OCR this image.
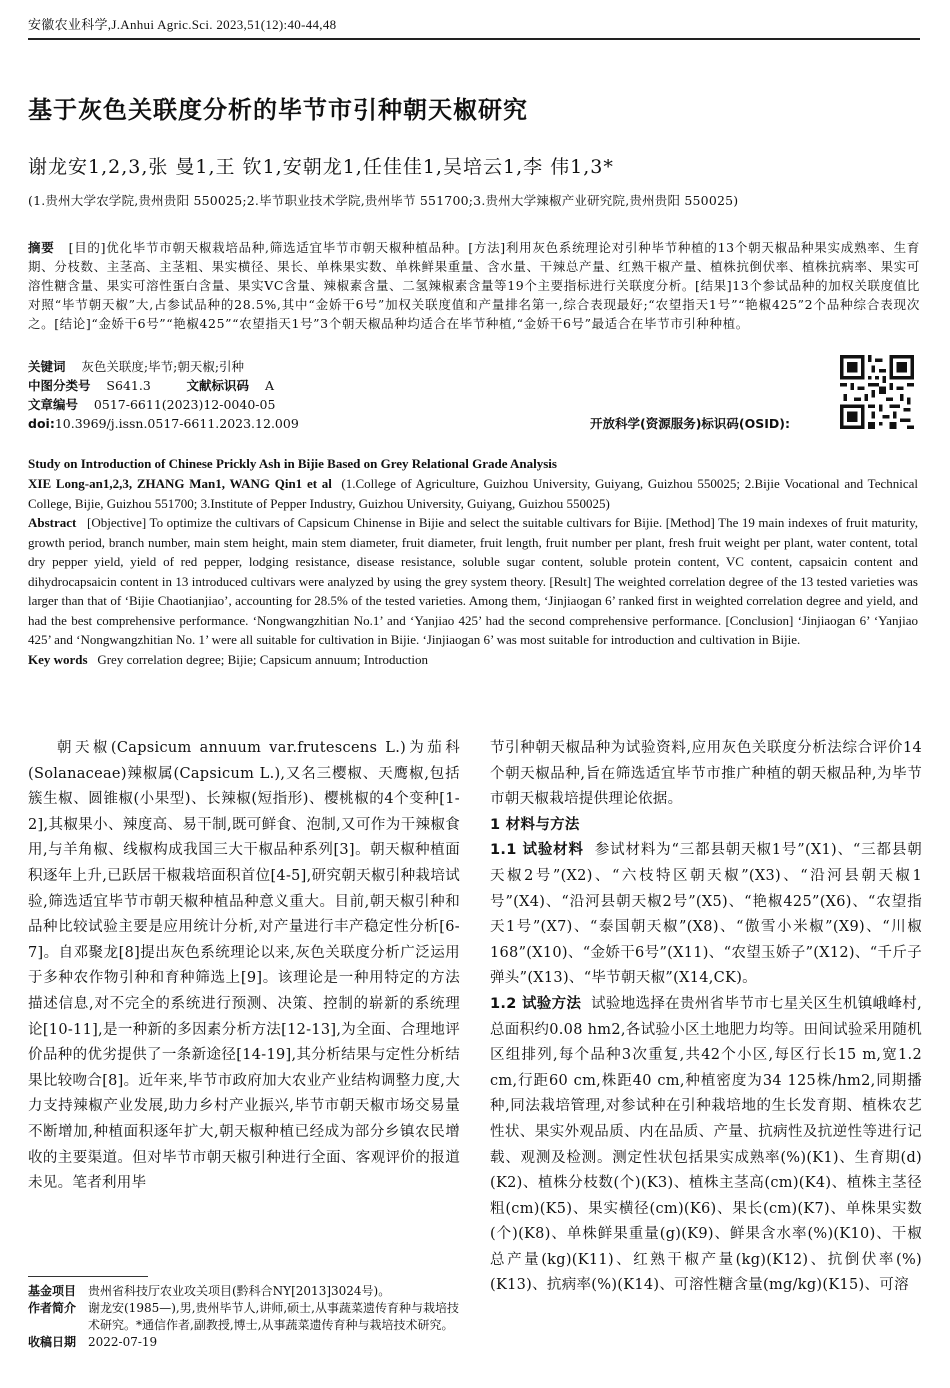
安徽农业科学,J.Anhui Agric.Sci. 2023,51(12):40-44,48
基于灰色关联度分析的毕节市引种朝天椒研究
谢龙安1,2,3,张 曼1,王 钦1,安朝龙1,任佳佳1,吴培云1,李 伟1,3*
(1.贵州大学农学院,贵州贵阳 550025;2.毕节职业技术学院,贵州毕节 551700;3.贵州大学辣椒产业研究院,贵州贵阳 550025)
摘要 [目的]优化毕节市朝天椒栽培品种,筛选适宜毕节市朝天椒种植品种。[方法]利用灰色系统理论对引种毕节种植的13个朝天椒品种果实成熟率、生育期、分枝数、主茎高、主茎粗、果实横径、果长、单株果实数、单株鲜果重量、含水量、干辣总产量、红熟干椒产量、植株抗倒伏率、植株抗病率、果实可溶性糖含量、果实可溶性蛋白含量、果实VC含量、辣椒素含量、二氢辣椒素含量等19个主要指标进行关联度分析。[结果]13个参试品种的加权关联度值比对照“毕节朝天椒”大,占参试品种的28.5%,其中“金娇干6号”加权关联度值和产量排名第一,综合表现最好;“农望指天1号”“艳椒425”2个品种综合表现次之。[结论]“金娇干6号”“艳椒425”“农望指天1号”3个朝天椒品种均适合在毕节种植,“金娇干6号”最适合在毕节市引种种植。
关键词 灰色关联度;毕节;朝天椒;引种
中图分类号 S641.3	文献标识码 A
文章编号 0517-6611(2023)12-0040-05
doi:10.3969/j.issn.0517-6611.2023.12.009	开放科学(资源服务)标识码(OSID):
Study on Introduction of Chinese Prickly Ash in Bijie Based on Grey Relational Grade Analysis
XIE Long-an1,2,3, ZHANG Man1, WANG Qin1 et al (1.College of Agriculture, Guizhou University, Guiyang, Guizhou 550025; 2.Bijie Vocational and Technical College, Bijie, Guizhou 551700; 3.Institute of Pepper Industry, Guizhou University, Guiyang, Guizhou 550025)
Abstract [Objective] To optimize the cultivars of Capsicum Chinense in Bijie and select the suitable cultivars for Bijie. [Method] The 19 main indexes of fruit maturity, growth period, branch number, main stem height, main stem diameter, fruit diameter, fruit length, fruit number per plant, fresh fruit weight per plant, water content, total dry pepper yield, yield of red pepper, lodging resistance, disease resistance, soluble sugar content, soluble protein content, VC content, capsaicin content and dihydrocapsaicin content in 13 introduced cultivars were analyzed by using the grey system theory. [Result] The weighted correlation degree of the 13 tested varieties was larger than that of ‘Bijie Chaotianjiao’, accounting for 28.5% of the tested varieties. Among them, ‘Jinjiaogan 6’ ranked first in weighted correlation degree and yield, and had the best comprehensive performance. ‘Nongwangzhitian No.1’ and ‘Yanjiao 425’ had the second comprehensive performance. [Conclusion] ‘Jinjiaogan 6’ ‘Yanjiao 425’ and ‘Nongwangzhitian No. 1’ were all suitable for cultivation in Bijie. ‘Jinjiaogan 6’ was most suitable for introduction and cultivation in Bijie.
Key words Grey correlation degree; Bijie; Capsicum annuum; Introduction

朝天椒(Capsicum annuum var.frutescens L.)为茄科(Solanaceae)辣椒属(Capsicum L.),又名三樱椒、天鹰椒,包括簇生椒、圆锥椒(小果型)、长辣椒(短指形)、樱桃椒的4个变种[1-2],其椒果小、辣度高、易干制,既可鲜食、泡制,又可作为干辣椒食用,与羊角椒、线椒构成我国三大干椒品种系列[3]。朝天椒种植面积逐年上升,已跃居干椒栽培面积首位[4-5],研究朝天椒引种栽培试验,筛选适宜毕节市朝天椒种植品种意义重大。目前,朝天椒引种和品种比较试验主要是应用统计分析,对产量进行丰产稳定性分析[6-7]。自邓聚龙[8]提出灰色系统理论以来,灰色关联度分析广泛运用于多种农作物引种和育种筛选上[9]。该理论是一种用特定的方法描述信息,对不完全的系统进行预测、决策、控制的崭新的系统理论[10-11],是一种新的多因素分析方法[12-13],为全面、合理地评价品种的优劣提供了一条新途径[14-19],其分析结果与定性分析结果比较吻合[8]。近年来,毕节市政府加大农业产业结构调整力度,大力支持辣椒产业发展,助力乡村产业振兴,毕节市朝天椒市场交易量不断增加,种植面积逐年扩大,朝天椒种植已经成为部分乡镇农民增收的主要渠道。但对毕节市朝天椒引种进行全面、客观评价的报道未见。笔者利用毕

节引种朝天椒品种为试验资料,应用灰色关联度分析法综合评价14个朝天椒品种,旨在筛选适宜毕节市推广种植的朝天椒品种,为毕节市朝天椒栽培提供理论依据。

1 材料与方法

1.1 试验材料 参试材料为“三都县朝天椒1号”(X1)、“三都县朝天椒2号”(X2)、“六枝特区朝天椒”(X3)、“沿河县朝天椒1号”(X4)、“沿河县朝天椒2号”(X5)、“艳椒425”(X6)、“农望指天1号”(X7)、“泰国朝天椒”(X8)、“傲雪小米椒”(X9)、“川椒168”(X10)、“金娇干6号”(X11)、“农望玉娇子”(X12)、“千斤子弹头”(X13)、“毕节朝天椒”(X14,CK)。

1.2 试验方法 试验地选择在贵州省毕节市七星关区生机镇峨峰村,总面积约0.08 hm2,各试验小区土地肥力均等。田间试验采用随机区组排列,每个品种3次重复,共42个小区,每区行长15 m,宽1.2 cm,行距60 cm,株距40 cm,种植密度为34 125株/hm2,同期播种,同法栽培管理,对参试种在引种栽培地的生长发育期、植株农艺性状、果实外观品质、内在品质、产量、抗病性及抗逆性等进行记载、观测及检测。测定性状包括果实成熟率(%)(K1)、生育期(d)(K2)、植株分枝数(个)(K3)、植株主茎高(cm)(K4)、植株主茎径粗(cm)(K5)、果实横径(cm)(K6)、果长(cm)(K7)、单株果实数(个)(K8)、单株鲜果重量(g)(K9)、鲜果含水率(%)(K10)、干椒总产量(kg)(K11)、红熟干椒产量(kg)(K12)、抗倒伏率(%)(K13)、抗病率(%)(K14)、可溶性糖含量(mg/kg)(K15)、可溶

基金项目 贵州省科技厅农业攻关项目(黔科合NY[2013]3024号)。
作者简介 谢龙安(1985—),男,贵州毕节人,讲师,硕士,从事蔬菜遗传育种与栽培技术研究。*通信作者,副教授,博士,从事蔬菜遗传育种与栽培技术研究。
收稿日期 2022-07-19
